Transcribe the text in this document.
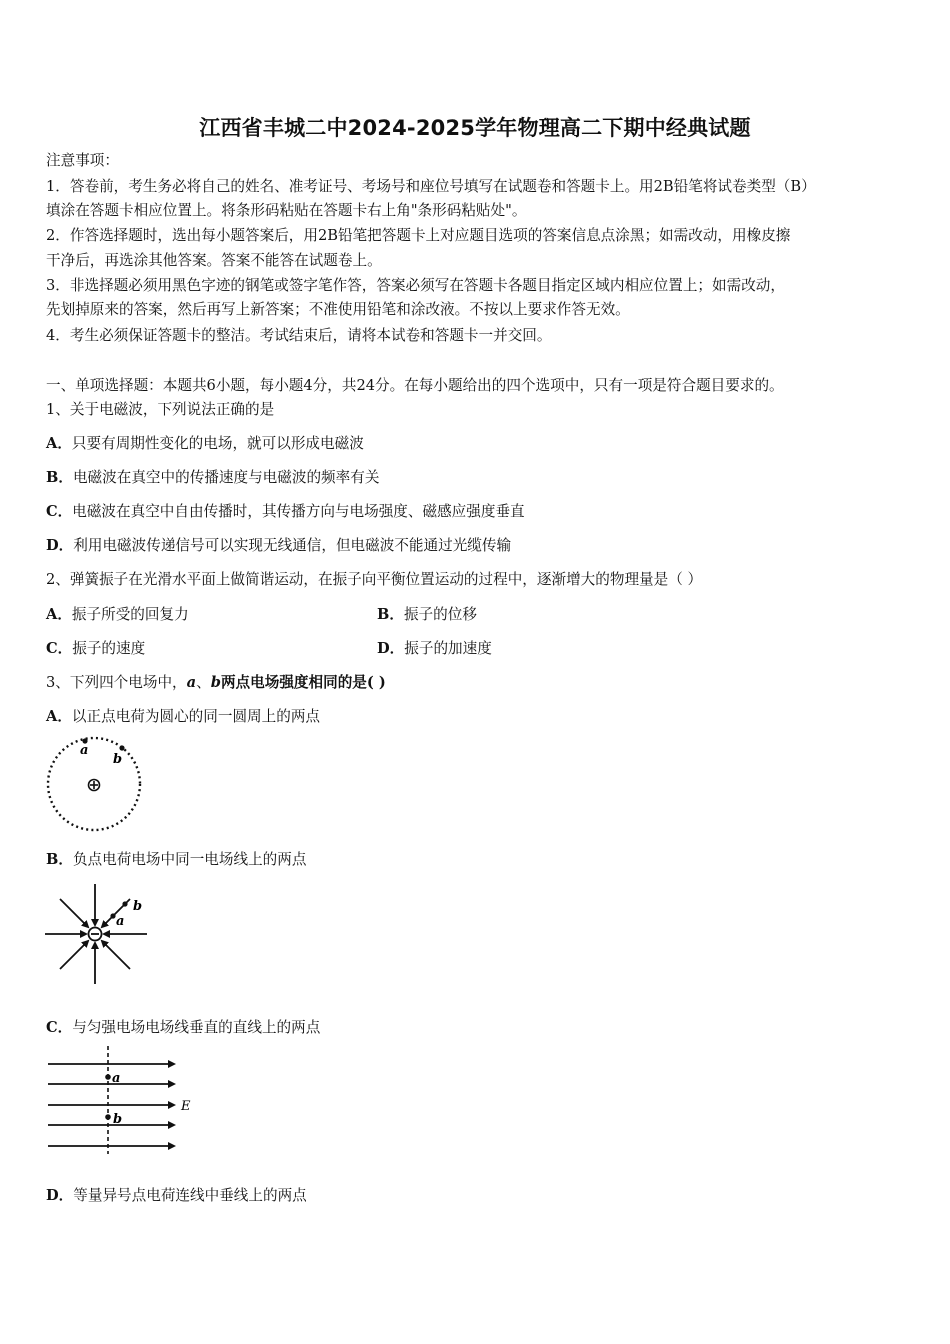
江西省丰城二中2024-2025学年物理高二下期中经典试题
注意事项：
1．答卷前，考生务必将自己的姓名、准考证号、考场号和座位号填写在试题卷和答题卡上。用2B铅笔将试卷类型（B）
填涂在答题卡相应位置上。将条形码粘贴在答题卡右上角"条形码粘贴处"。
2．作答选择题时，选出每小题答案后，用2B铅笔把答题卡上对应题目选项的答案信息点涂黑；如需改动，用橡皮擦
干净后，再选涂其他答案。答案不能答在试题卷上。
3．非选择题必须用黑色字迹的钢笔或签字笔作答，答案必须写在答题卡各题目指定区域内相应位置上；如需改动，
先划掉原来的答案，然后再写上新答案；不准使用铅笔和涂改液。不按以上要求作答无效。
4．考生必须保证答题卡的整洁。考试结束后，请将本试卷和答题卡一并交回。
一、单项选择题：本题共6小题，每小题4分，共24分。在每小题给出的四个选项中，只有一项是符合题目要求的。
1、关于电磁波，下列说法正确的是
A．只要有周期性变化的电场，就可以形成电磁波
B．电磁波在真空中的传播速度与电磁波的频率有关
C．电磁波在真空中自由传播时，其传播方向与电场强度、磁感应强度垂直
D．利用电磁波传递信号可以实现无线通信，但电磁波不能通过光缆传输
2、弹簧振子在光滑水平面上做简谐运动，在振子向平衡位置运动的过程中，逐渐增大的物理量是（ ）
A．振子所受的回复力	B．振子的位移
C．振子的速度	D．振子的加速度
3、下列四个电场中，a、b两点电场强度相同的是( )
A．以正点电荷为圆心的同一圆周上的两点
a
b
B．负点电荷电场中同一电场线上的两点
b
a
C．与匀强电场电场线垂直的直线上的两点
a
b
E
D．等量异号点电荷连线中垂线上的两点
